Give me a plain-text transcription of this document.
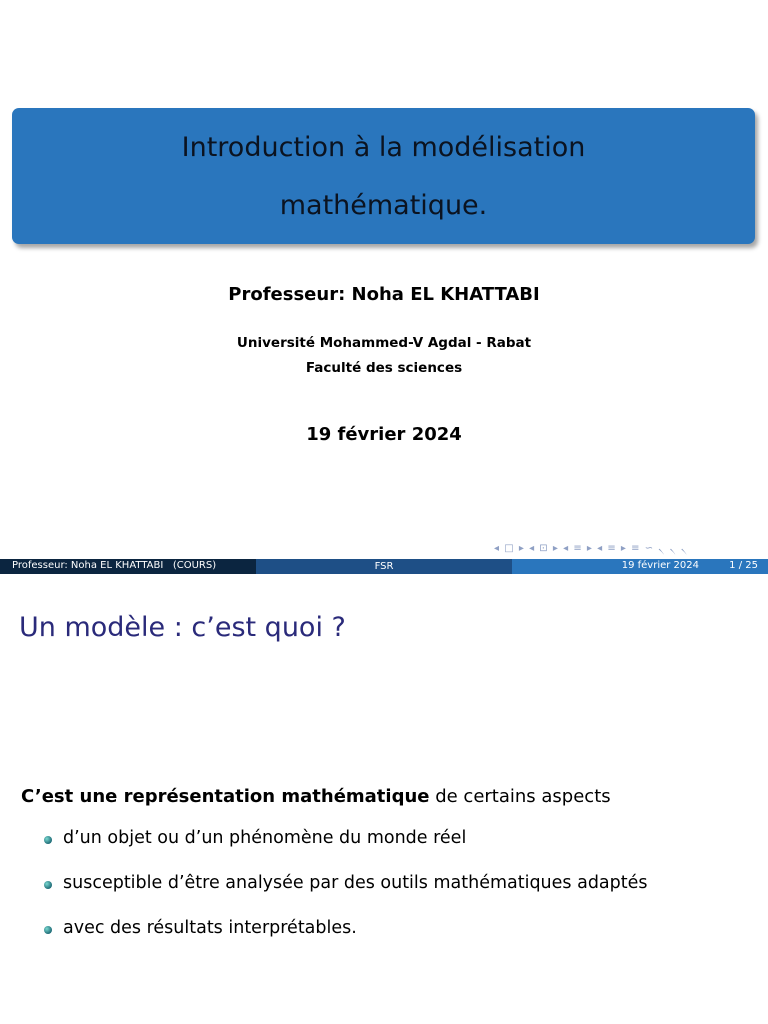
Introduction à la modélisation
mathématique.
Professeur: Noha EL KHATTABI
Université Mohammed-V Agdal - Rabat
Faculté des sciences
19 février 2024
◂ □ ▸ ◂ ⊡ ▸ ◂ ≡ ▸ ◂ ≡ ▸ ≡ ∽ ৲ ৲ ৲
Professeur: Noha EL KHATTABI   (COURS)	FSR	19 février 2024	1 / 25
Un modèle : c’est quoi ?
C’est une représentation mathématique de certains aspects
d’un objet ou d’un phénomène du monde réel
susceptible d’être analysée par des outils mathématiques adaptés
avec des résultats interprétables.
